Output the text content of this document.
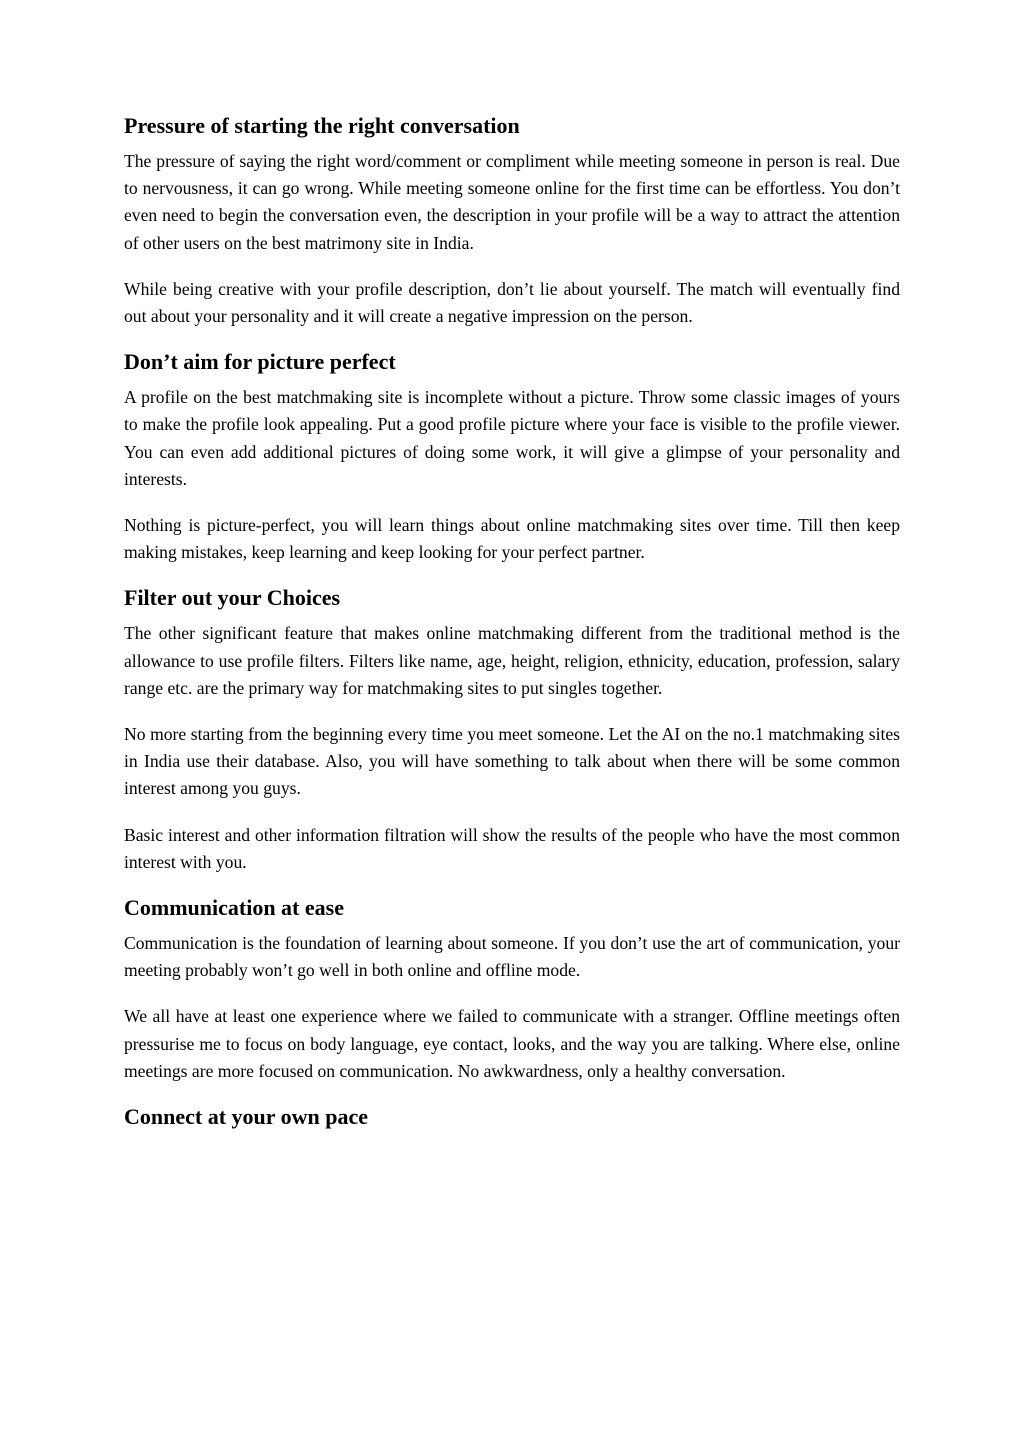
Pressure of starting the right conversation

The pressure of saying the right word/comment or compliment while meeting someone in person is real. Due to nervousness, it can go wrong. While meeting someone online for the first time can be effortless. You don’t even need to begin the conversation even, the description in your profile will be a way to attract the attention of other users on the best matrimony site in India.

While being creative with your profile description, don’t lie about yourself. The match will eventually find out about your personality and it will create a negative impression on the person.

Don’t aim for picture perfect

A profile on the best matchmaking site is incomplete without a picture. Throw some classic images of yours to make the profile look appealing. Put a good profile picture where your face is visible to the profile viewer. You can even add additional pictures of doing some work, it will give a glimpse of your personality and interests.

Nothing is picture-perfect, you will learn things about online matchmaking sites over time. Till then keep making mistakes, keep learning and keep looking for your perfect partner.

Filter out your Choices

The other significant feature that makes online matchmaking different from the traditional method is the allowance to use profile filters. Filters like name, age, height, religion, ethnicity, education, profession, salary range etc. are the primary way for matchmaking sites to put singles together.

No more starting from the beginning every time you meet someone. Let the AI on the no.1 matchmaking sites in India use their database. Also, you will have something to talk about when there will be some common interest among you guys.

Basic interest and other information filtration will show the results of the people who have the most common interest with you.

Communication at ease

Communication is the foundation of learning about someone. If you don’t use the art of communication, your meeting probably won’t go well in both online and offline mode.

We all have at least one experience where we failed to communicate with a stranger. Offline meetings often pressurise me to focus on body language, eye contact, looks, and the way you are talking. Where else, online meetings are more focused on communication. No awkwardness, only a healthy conversation.

Connect at your own pace
